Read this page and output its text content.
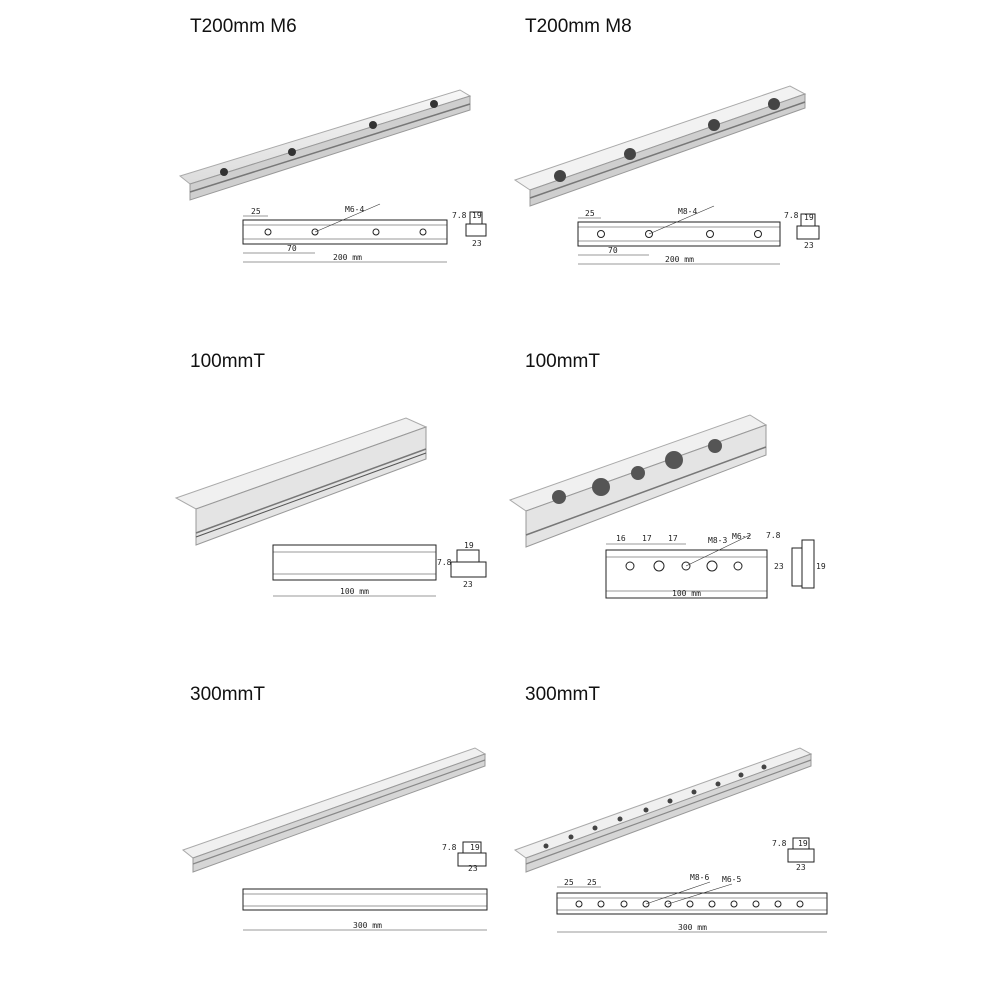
T200mm M6
25
70
M6-4
200 mm
7.8 19
23
T200mm M8
25
70
M8-4
200 mm
7.8 19
23
100mmT
100 mm
7.8
19
23
100mmT
16 17 17	M8-3 M6-2
100 mm
7.8
23	19
300mmT
300 mm
7.8 19
23
300mmT
25 25
M8-6 M6-5
300 mm
7.8 19
23
